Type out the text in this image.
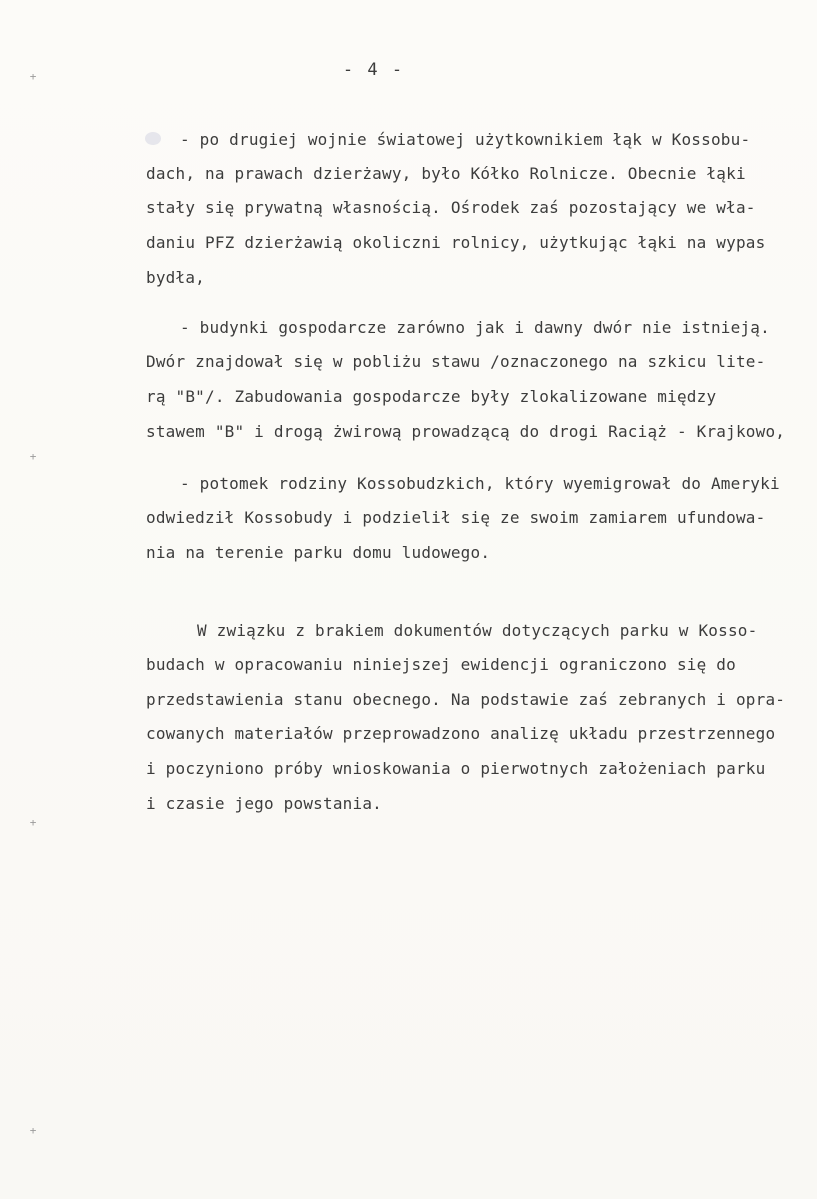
+
+
+
+
- 4 -
- po drugiej wojnie światowej użytkownikiem łąk w Kossobu-
dach, na prawach dzierżawy, było Kółko Rolnicze. Obecnie łąki
stały się prywatną własnością. Ośrodek zaś pozostający we wła-
daniu PFZ dzierżawią okoliczni rolnicy, użytkując łąki na wypas
bydła,
- budynki gospodarcze zarówno jak i dawny dwór nie istnieją.
Dwór znajdował się w pobliżu stawu /oznaczonego na szkicu lite-
rą "B"/. Zabudowania gospodarcze były zlokalizowane między
stawem "B" i drogą żwirową prowadzącą do drogi Raciąż - Krajkowo,
- potomek rodziny Kossobudzkich, który wyemigrował do Ameryki
odwiedził Kossobudy i podzielił się ze swoim zamiarem ufundowa-
nia na terenie parku domu ludowego.
W związku z brakiem dokumentów dotyczących parku w Kosso-
budach w opracowaniu niniejszej ewidencji ograniczono się do
przedstawienia stanu obecnego. Na podstawie zaś zebranych i opra-
cowanych materiałów przeprowadzono analizę układu przestrzennego
i poczyniono próby wnioskowania o pierwotnych założeniach parku
i czasie jego powstania.
